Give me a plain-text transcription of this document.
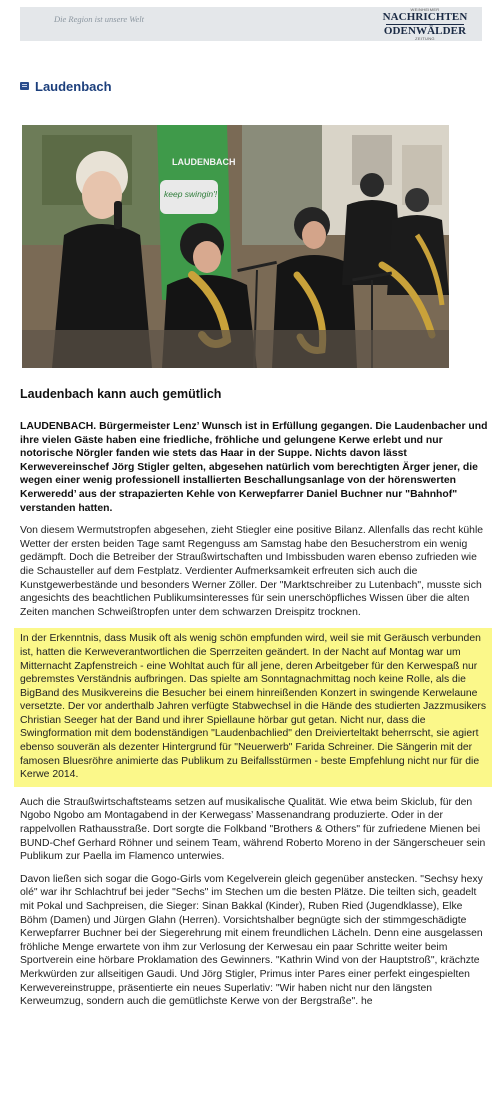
Die Region ist unsere Welt
WEINHEIMER
NACHRICHTEN
ODENWÄLDER
ZEITUNG
Laudenbach
LAUDENBACH
keep swingin'!
Laudenbach kann auch gemütlich

LAUDENBACH. Bürgermeister Lenz’ Wunsch ist in Erfüllung gegangen. Die Laudenbacher und ihre vielen Gäste haben eine friedliche, fröhliche und gelungene Kerwe erlebt und nur notorische Nörgler fanden wie stets das Haar in der Suppe. Nichts davon lässt Kerwevereinschef Jörg Stigler gelten, abgesehen natürlich vom berechtigten Ärger jener, die wegen einer wenig professionell installierten Beschallungsanlage von der hörenswerten Kerweredd’ aus der strapazierten Kehle von Kerwepfarrer Daniel Buchner nur "Bahnhof" verstanden hatten.

Von diesem Wermutstropfen abgesehen, zieht Stiegler eine positive Bilanz. Allenfalls das recht kühle Wetter der ersten beiden Tage samt Regenguss am Samstag habe den Besucherstrom ein wenig gedämpft. Doch die Betreiber der Straußwirtschaften und Imbissbuden waren ebenso zufrieden wie die Schausteller auf dem Festplatz. Verdienter Aufmerksamkeit erfreuten sich auch die Kunstgewerbestände und besonders Werner Zöller. Der "Marktschreiber zu Lutenbach", musste sich angesichts des beachtlichen Publikumsinteresses für sein unerschöpfliches Wissen über die alten Zeiten manchen Schweißtropfen unter dem schwarzen Dreispitz trocknen.

In der Erkenntnis, dass Musik oft als wenig schön empfunden wird, weil sie mit Geräusch verbunden ist, hatten die Kerweverantwortlichen die Sperrzeiten geändert. In der Nacht auf Montag war um Mitternacht Zapfenstreich - eine Wohltat auch für all jene, deren Arbeitgeber für den Kerwespaß nur gebremstes Verständnis aufbringen. Das spielte am Sonntagnachmittag noch keine Rolle, als die BigBand des Musikvereins die Besucher bei einem hinreißenden Konzert in swingende Kerwelaune versetzte. Der vor anderthalb Jahren verfügte Stabwechsel in die Hände des studierten Jazzmusikers Christian Seeger hat der Band und ihrer Spiellaune hörbar gut getan. Nicht nur, dass die Swingformation mit dem bodenständigen "Laudenbachlied" den Dreivierteltakt beherrscht, sie agiert ebenso souverän als dezenter Hintergrund für "Neuerwerb" Farida Schreiner. Die Sängerin mit der famosen Bluesröhre animierte das Publikum zu Beifallsstürmen - beste Empfehlung nicht nur für die Kerwe 2014.

Auch die Straußwirtschaftsteams setzen auf musikalische Qualität. Wie etwa beim Skiclub, für den Ngobo Ngobo am Montagabend in der Kerwegass’ Massenandrang produzierte. Oder in der rappelvollen Rathausstraße. Dort sorgte die Folkband "Brothers & Others" für zufriedene Mienen bei BUND-Chef Gerhard Röhner und seinem Team, während Roberto Moreno in der Sängerscheuer sein Publikum zur Paella im Flamenco unterwies.

Davon ließen sich sogar die Gogo-Girls vom Kegelverein gleich gegenüber anstecken. "Sechsy hexy olé" war ihr Schlachtruf bei jeder "Sechs" im Stechen um die besten Plätze. Die teilten sich, geadelt mit Pokal und Sachpreisen, die Sieger: Sinan Bakkal (Kinder), Ruben Ried (Jugendklasse), Elke Böhm (Damen) und Jürgen Glahn (Herren). Vorsichtshalber begnügte sich der stimmgeschädigte Kerwepfarrer Buchner bei der Siegerehrung mit einem freundlichen Lächeln. Denn eine ausgelassen fröhliche Menge erwartete von ihm zur Verlosung der Kerwesau ein paar Schritte weiter beim Sportverein eine hörbare Proklamation des Gewinners. "Kathrin Wind von der Hauptstroß", krächzte Merkwürden zur allseitigen Gaudi. Und Jörg Stigler, Primus inter Pares einer perfekt eingespielten Kerwevereinstruppe, präsentierte ein neues Superlativ: "Wir haben nicht nur den längsten Kerweumzug, sondern auch die gemütlichste Kerwe von der Bergstraße". he
